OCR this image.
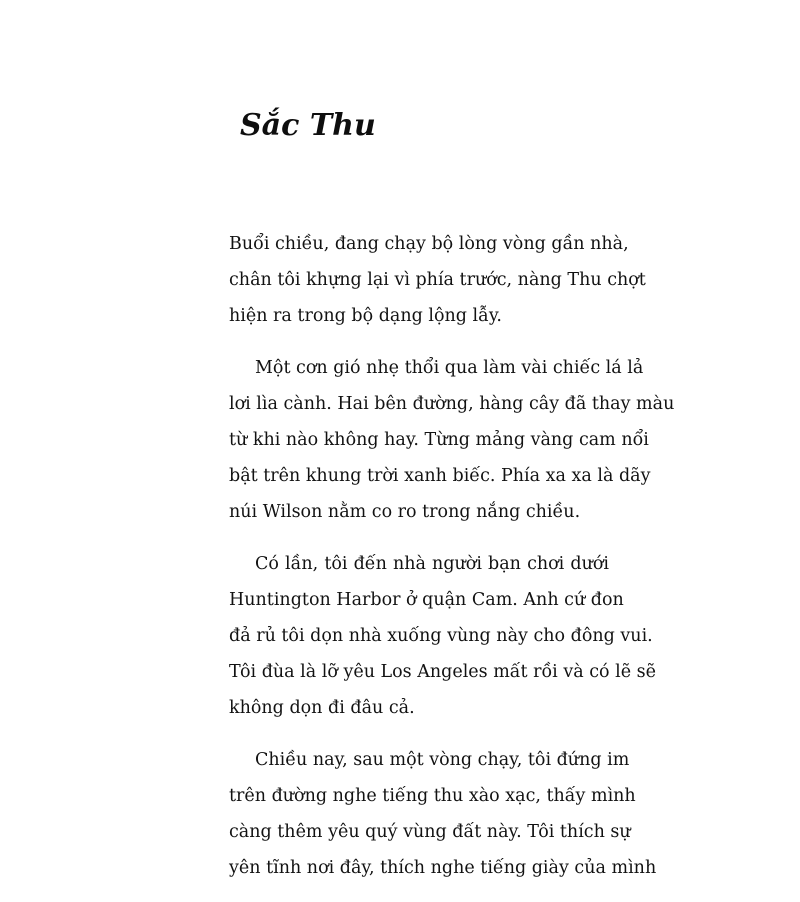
Sắc Thu

Buổi chiều, đang chạy bộ lòng vòng gần nhà,
chân tôi khựng lại vì phía trước, nàng Thu chợt
hiện ra trong bộ dạng lộng lẫy.

Một cơn gió nhẹ thổi qua làm vài chiếc lá lả
lơi lìa cành. Hai bên đường, hàng cây đã thay màu
từ khi nào không hay. Từng mảng vàng cam nổi
bật trên khung trời xanh biếc. Phía xa xa là dãy
núi Wilson nằm co ro trong nắng chiều.

Có lần, tôi đến nhà người bạn chơi dưới
Huntington Harbor ở quận Cam. Anh cứ đon
đả rủ tôi dọn nhà xuống vùng này cho đông vui.
Tôi đùa là lỡ yêu Los Angeles mất rồi và có lẽ sẽ
không dọn đi đâu cả.

Chiều nay, sau một vòng chạy, tôi đứng im
trên đường nghe tiếng thu xào xạc, thấy mình
càng thêm yêu quý vùng đất này. Tôi thích sự
yên tĩnh nơi đây, thích nghe tiếng giày của mình
